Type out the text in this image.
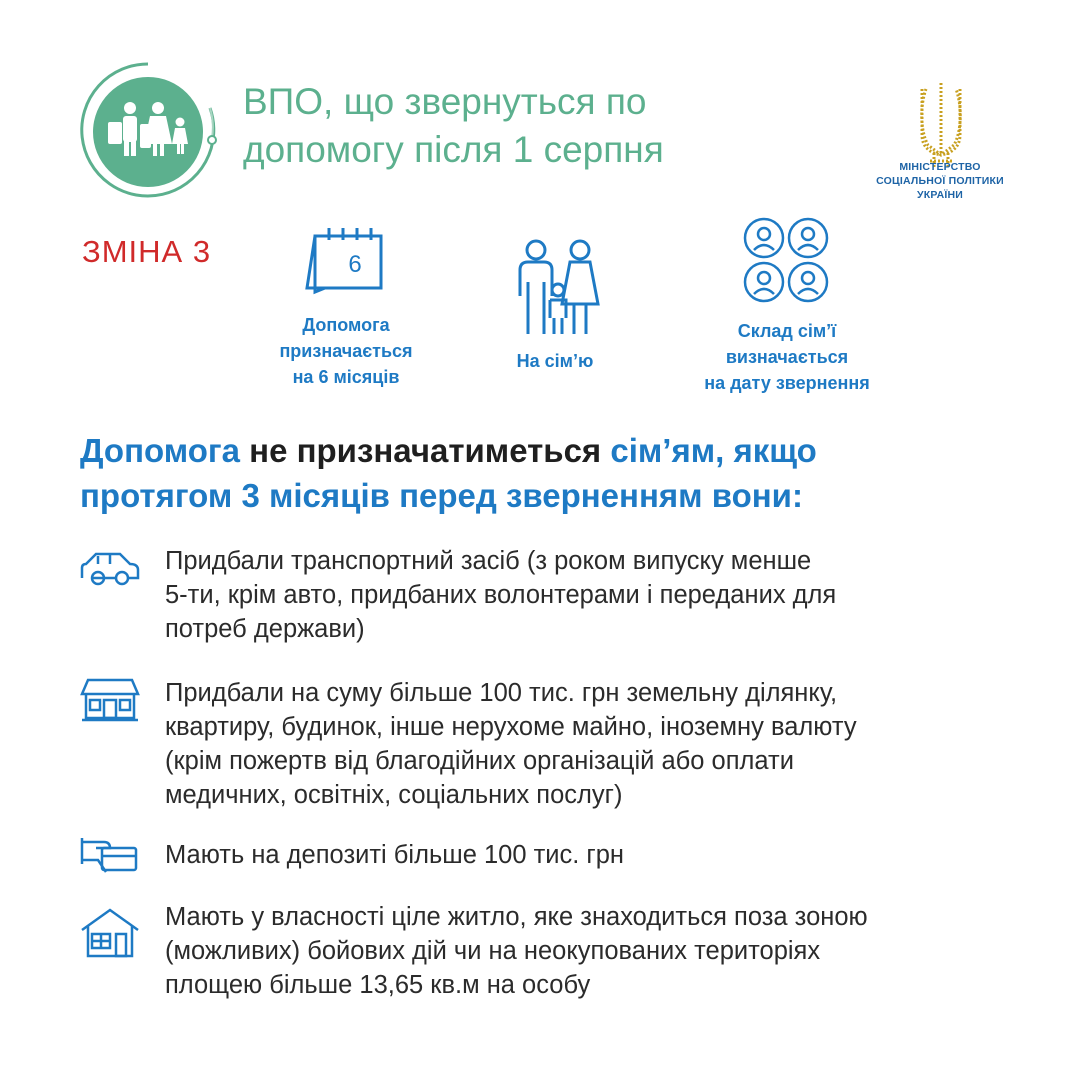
ВПО, що звернуться по
допомогу після 1 серпня	МІНІСТЕРСТВО
СОЦІАЛЬНОЇ ПОЛІТИКИ
УКРАЇНИ
ЗМІНА 3	6
Допомога
призначається
на 6 місяців
На сім’ю
Склад сім’ї
визначається
на дату звернення
Допомога не призначатиметься сім’ям, якщо
протягом 3 місяців перед зверненням вони:
Придбали транспортний засіб (з роком випуску менше
5-ти, крім авто, придбаних волонтерами і переданих для
потреб держави)
Придбали на суму більше 100 тис. грн земельну ділянку,
квартиру, будинок, інше нерухоме майно, іноземну валюту
(крім пожертв від благодійних організацій або оплати
медичних, освітніх, соціальних послуг)
Мають на депозиті більше 100 тис. грн
Мають у власності ціле житло, яке знаходиться поза зоною
(можливих) бойових дій чи на неокупованих територіях
площею більше 13,65 кв.м на особу
